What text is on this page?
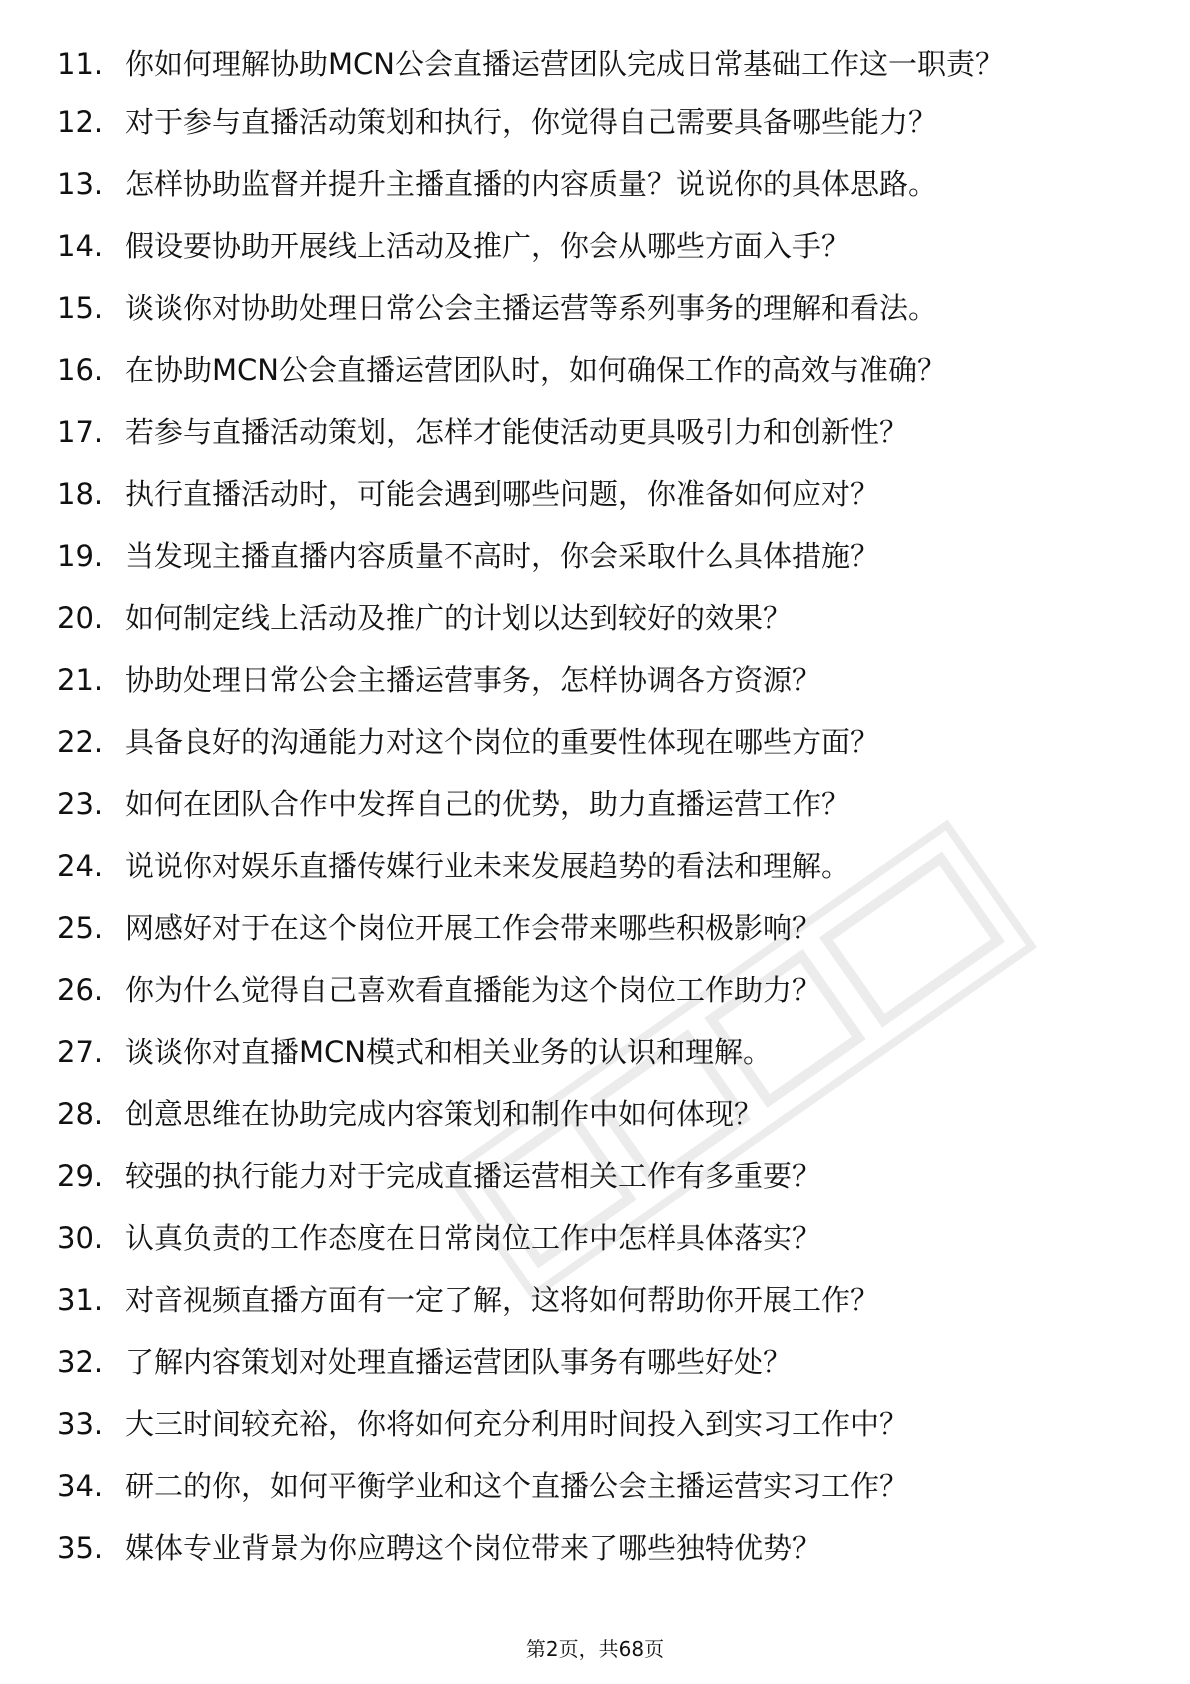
11. 你如何理解协助MCN公会直播运营团队完成日常基础工作这一职责？
12. 对于参与直播活动策划和执行，你觉得自己需要具备哪些能力？
13. 怎样协助监督并提升主播直播的内容质量？说说你的具体思路。
14. 假设要协助开展线上活动及推广，你会从哪些方面入手？
15. 谈谈你对协助处理日常公会主播运营等系列事务的理解和看法。
16. 在协助MCN公会直播运营团队时，如何确保工作的高效与准确？
17. 若参与直播活动策划，怎样才能使活动更具吸引力和创新性？
18. 执行直播活动时，可能会遇到哪些问题，你准备如何应对？
19. 当发现主播直播内容质量不高时，你会采取什么具体措施？
20. 如何制定线上活动及推广的计划以达到较好的效果？
21. 协助处理日常公会主播运营事务，怎样协调各方资源？
22. 具备良好的沟通能力对这个岗位的重要性体现在哪些方面？
23. 如何在团队合作中发挥自己的优势，助力直播运营工作？
24. 说说你对娱乐直播传媒行业未来发展趋势的看法和理解。
25. 网感好对于在这个岗位开展工作会带来哪些积极影响？
26. 你为什么觉得自己喜欢看直播能为这个岗位工作助力？
27. 谈谈你对直播MCN模式和相关业务的认识和理解。
28. 创意思维在协助完成内容策划和制作中如何体现？
29. 较强的执行能力对于完成直播运营相关工作有多重要？
30. 认真负责的工作态度在日常岗位工作中怎样具体落实？
31. 对音视频直播方面有一定了解，这将如何帮助你开展工作？
32. 了解内容策划对处理直播运营团队事务有哪些好处？
33. 大三时间较充裕，你将如何充分利用时间投入到实习工作中？
34. 研二的你，如何平衡学业和这个直播公会主播运营实习工作？
35. 媒体专业背景为你应聘这个岗位带来了哪些独特优势？
第2页，共68页
